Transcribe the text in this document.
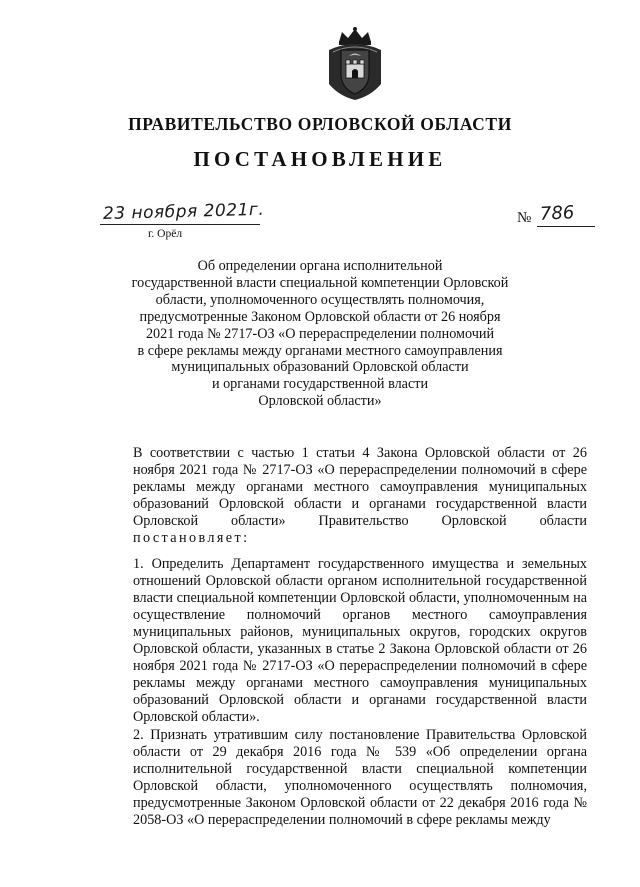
ПРАВИТЕЛЬСТВО ОРЛОВСКОЙ ОБЛАСТИ
ПОСТАНОВЛЕНИЕ
23 ноября 2021г.
г. Орёл
№ 786
Об определении органа исполнительной
государственной власти специальной компетенции Орловской
области, уполномоченного осуществлять полномочия,
предусмотренные Законом Орловской области от 26 ноября
2021 года № 2717-ОЗ «О перераспределении полномочий
в сфере рекламы между органами местного самоуправления
муниципальных образований Орловской области
и органами государственной власти
Орловской области»

В соответствии с частью 1 статьи 4 Закона Орловской области от 26 ноября 2021 года № 2717-ОЗ «О перераспределении полномочий в сфере рекламы между органами местного самоуправления муниципальных образований Орловской области и органами государственной власти Орловской области» Правительство Орловской области постановляет:

1. Определить Департамент государственного имущества и земельных отношений Орловской области органом исполнительной государственной власти специальной компетенции Орловской области, уполномоченным на осуществление полномочий органов местного самоуправления муниципальных районов, муниципальных округов, городских округов Орловской области, указанных в статье 2 Закона Орловской области от 26 ноября 2021 года № 2717-ОЗ «О перераспределении полномочий в сфере рекламы между органами местного самоуправления муниципальных образований Орловской области и органами государственной власти Орловской области».

2. Признать утратившим силу постановление Правительства Орловской области от 29 декабря 2016 года № 539 «Об определении органа исполнительной государственной власти специальной компетенции Орловской области, уполномоченного осуществлять полномочия, предусмотренные Законом Орловской области от 22 декабря 2016 года № 2058-ОЗ «О перераспределении полномочий в сфере рекламы между
